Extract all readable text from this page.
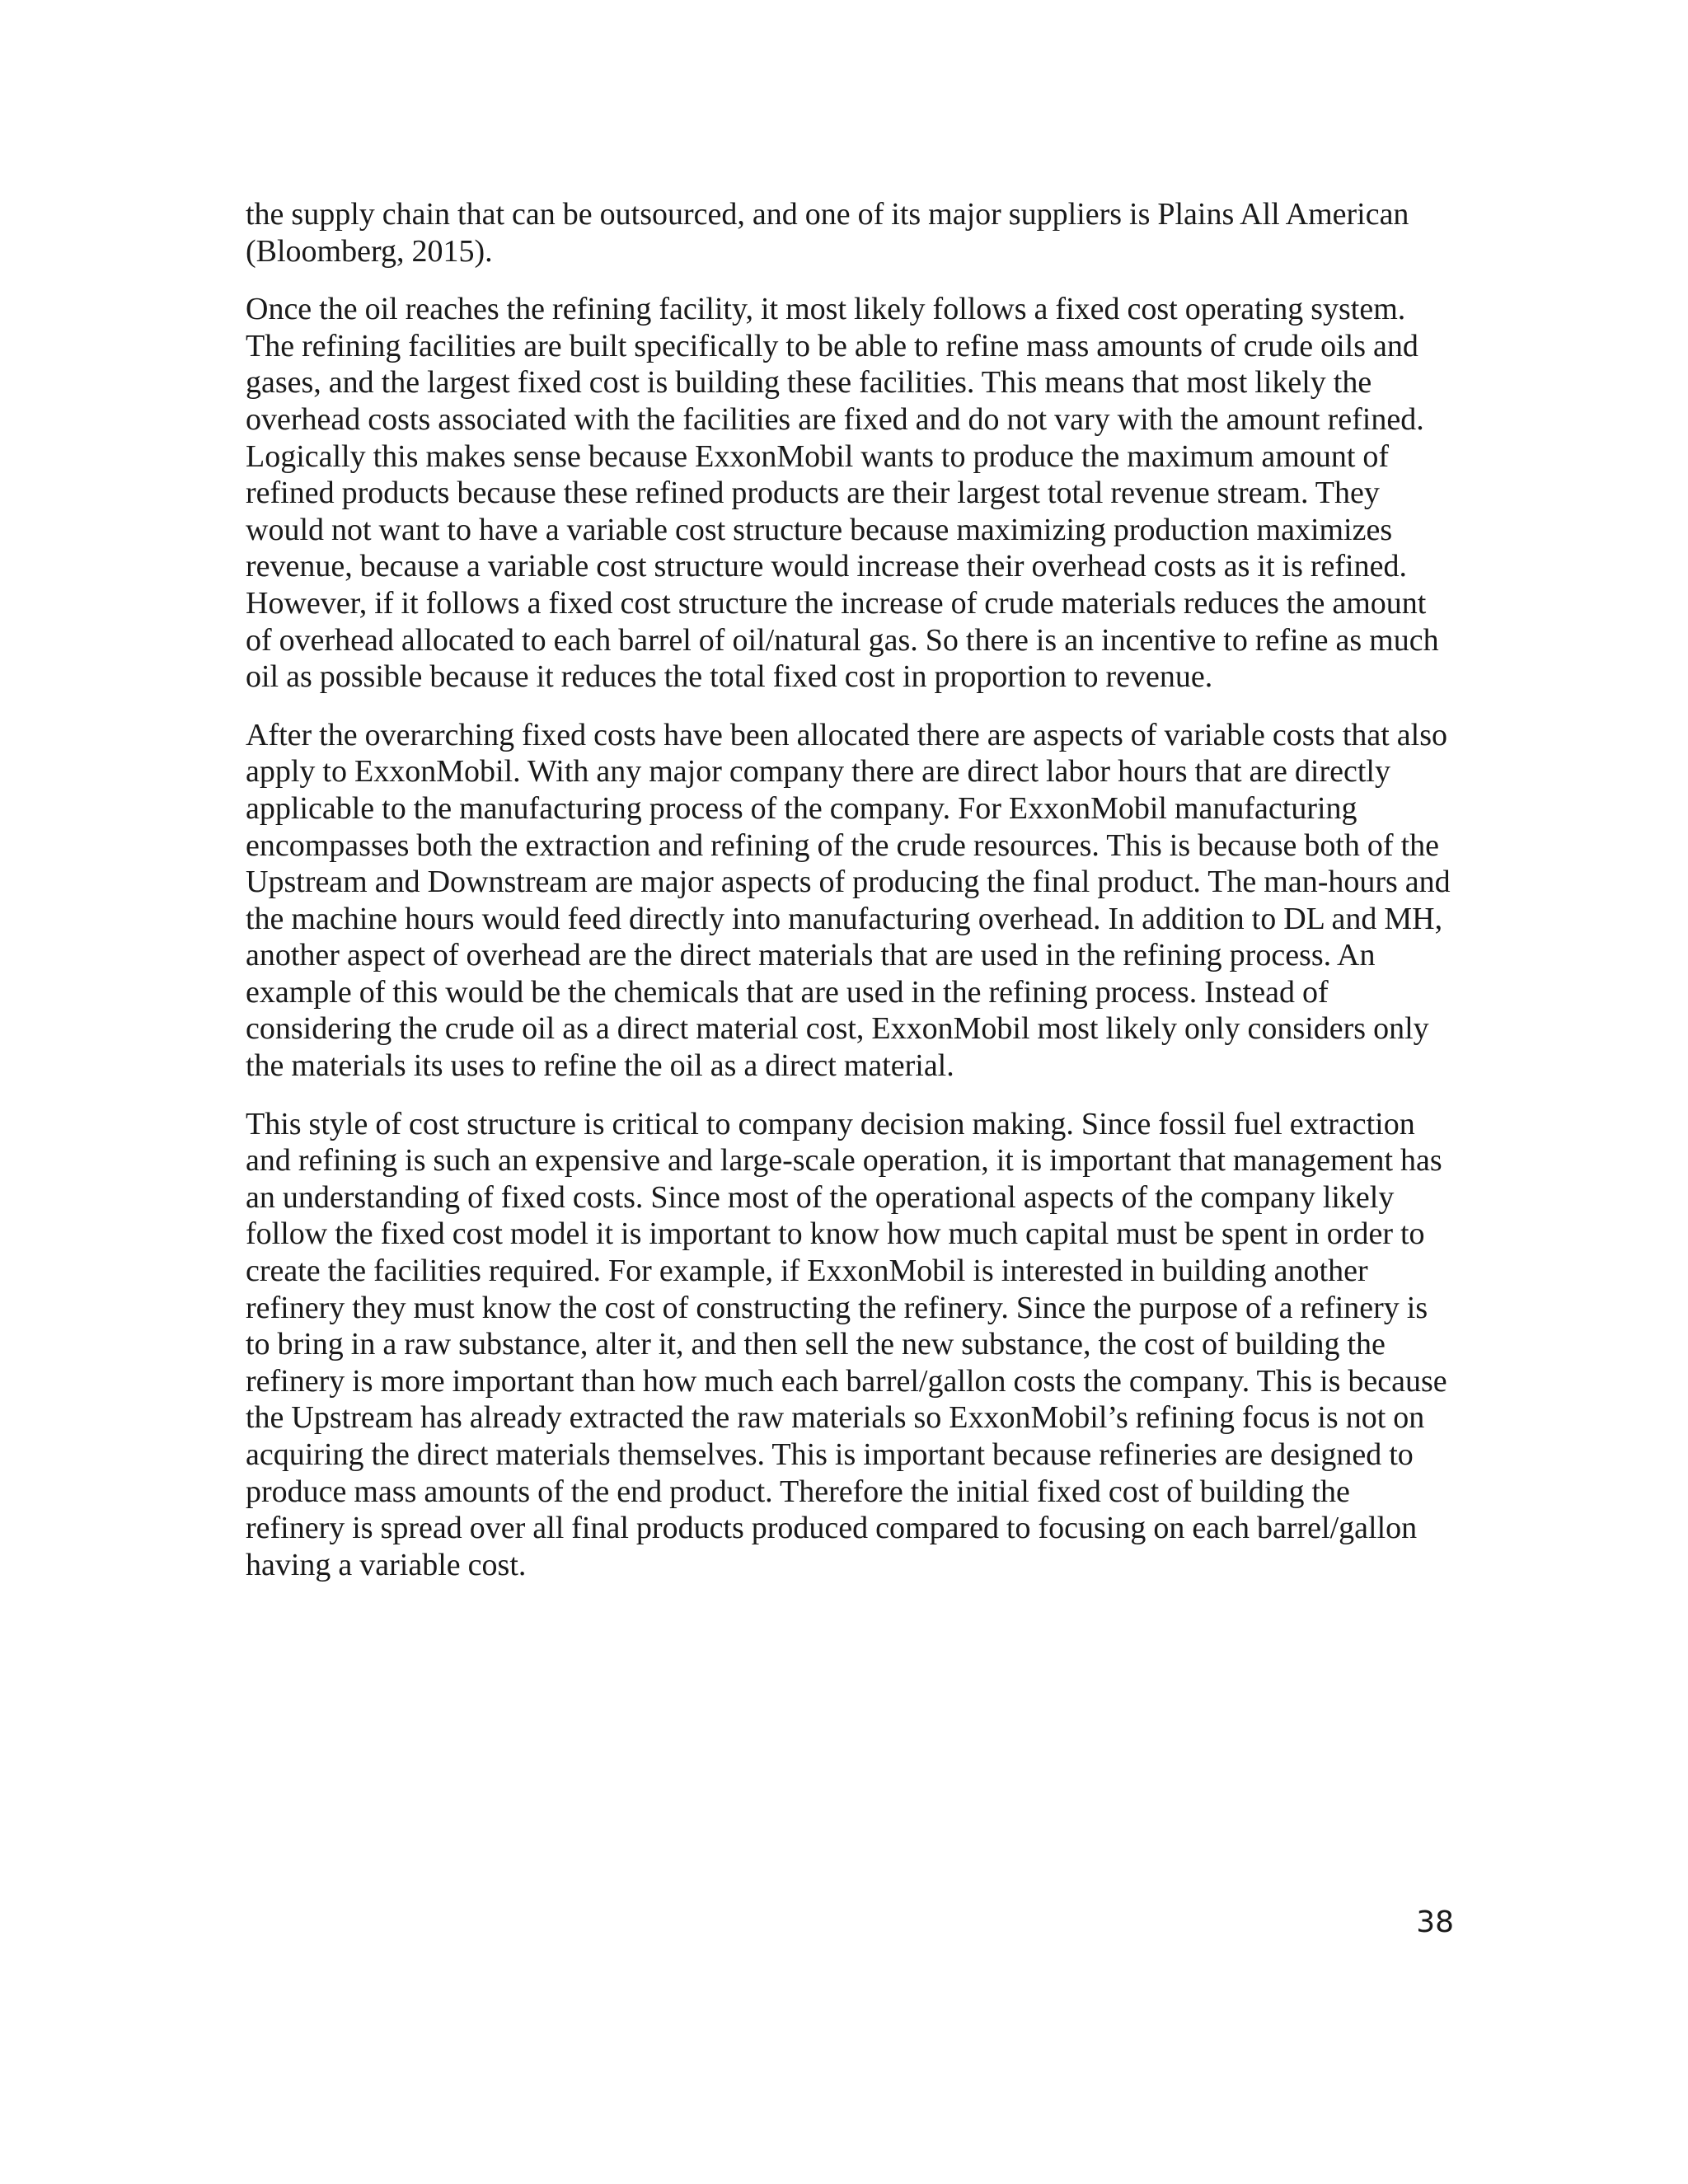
the supply chain that can be outsourced, and one of its major suppliers is Plains All American (Bloomberg, 2015).

Once the oil reaches the refining facility, it most likely follows a fixed cost operating system. The refining facilities are built specifically to be able to refine mass amounts of crude oils and gases, and the largest fixed cost is building these facilities. This means that most likely the overhead costs associated with the facilities are fixed and do not vary with the amount refined. Logically this makes sense because ExxonMobil wants to produce the maximum amount of refined products because these refined products are their largest total revenue stream. They would not want to have a variable cost structure because maximizing production maximizes revenue, because a variable cost structure would increase their overhead costs as it is refined. However, if it follows a fixed cost structure the increase of crude materials reduces the amount of overhead allocated to each barrel of oil/natural gas. So there is an incentive to refine as much oil as possible because it reduces the total fixed cost in proportion to revenue.

After the overarching fixed costs have been allocated there are aspects of variable costs that also apply to ExxonMobil. With any major company there are direct labor hours that are directly applicable to the manufacturing process of the company. For ExxonMobil manufacturing encompasses both the extraction and refining of the crude resources. This is because both of the Upstream and Downstream are major aspects of producing the final product. The man-hours and the machine hours would feed directly into manufacturing overhead. In addition to DL and MH, another aspect of overhead are the direct materials that are used in the refining process. An example of this would be the chemicals that are used in the refining process. Instead of considering the crude oil as a direct material cost, ExxonMobil most likely only considers only the materials its uses to refine the oil as a direct material.

This style of cost structure is critical to company decision making. Since fossil fuel extraction and refining is such an expensive and large-scale operation, it is important that management has an understanding of fixed costs. Since most of the operational aspects of the company likely follow the fixed cost model it is important to know how much capital must be spent in order to create the facilities required. For example, if ExxonMobil is interested in building another refinery they must know the cost of constructing the refinery. Since the purpose of a refinery is to bring in a raw substance, alter it, and then sell the new substance, the cost of building the refinery is more important than how much each barrel/gallon costs the company. This is because the Upstream has already extracted the raw materials so ExxonMobil’s refining focus is not on acquiring the direct materials themselves. This is important because refineries are designed to produce mass amounts of the end product. Therefore the initial fixed cost of building the refinery is spread over all final products produced compared to focusing on each barrel/gallon having a variable cost.

38
